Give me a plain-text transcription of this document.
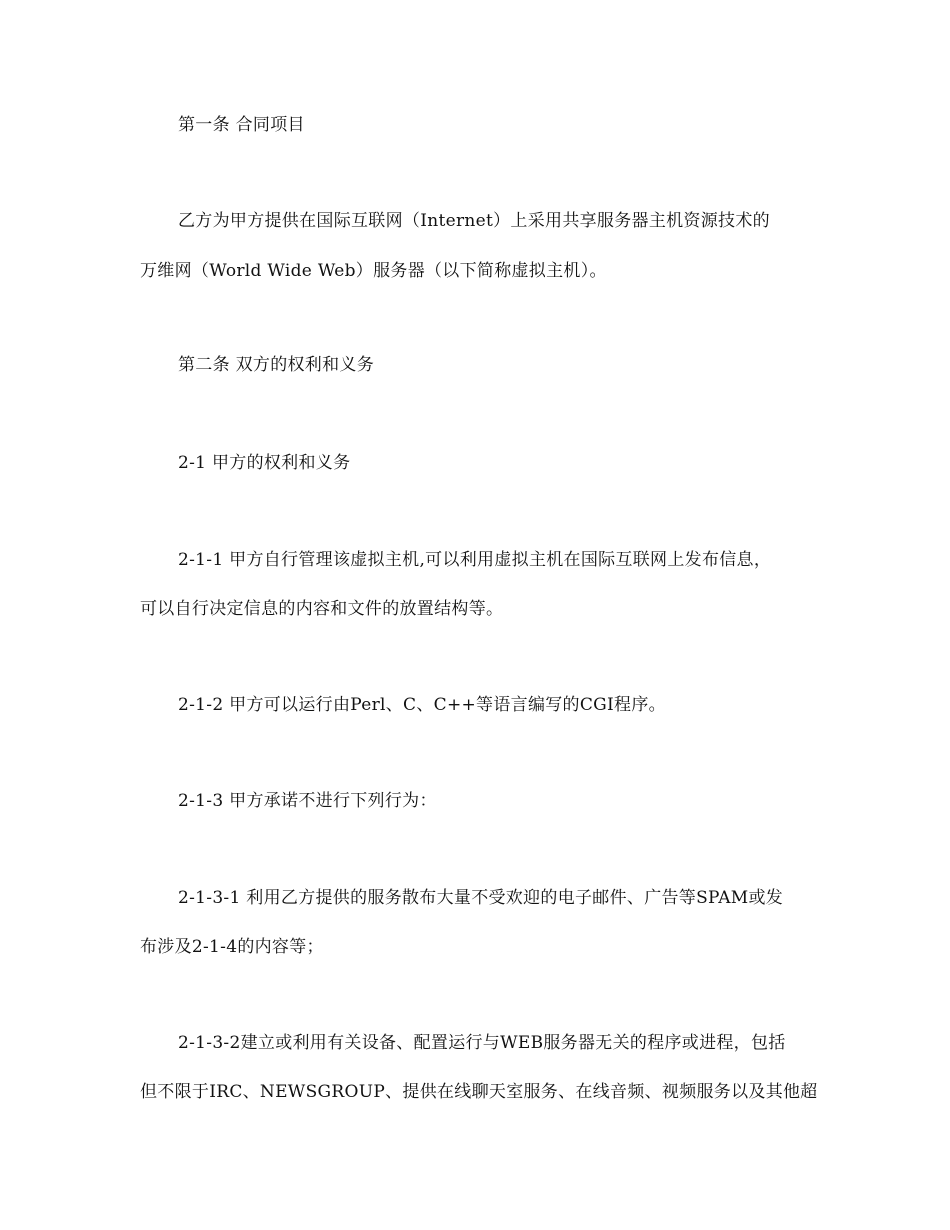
第一条 合同项目
乙方为甲方提供在国际互联网（Internet）上采用共享服务器主机资源技术的
万维网（World Wide Web）服务器（以下简称虚拟主机）。
第二条 双方的权利和义务
2-1 甲方的权利和义务
2-1-1 甲方自行管理该虚拟主机,可以利用虚拟主机在国际互联网上发布信息，
可以自行决定信息的内容和文件的放置结构等。
2-1-2 甲方可以运行由Perl、C、C++等语言编写的CGI程序。
2-1-3 甲方承诺不进行下列行为：
2-1-3-1 利用乙方提供的服务散布大量不受欢迎的电子邮件、广告等SPAM或发
布涉及2-1-4的内容等；
2-1-3-2建立或利用有关设备、配置运行与WEB服务器无关的程序或进程，包括
但不限于IRC、NEWSGROUP、提供在线聊天室服务、在线音频、视频服务以及其他超
